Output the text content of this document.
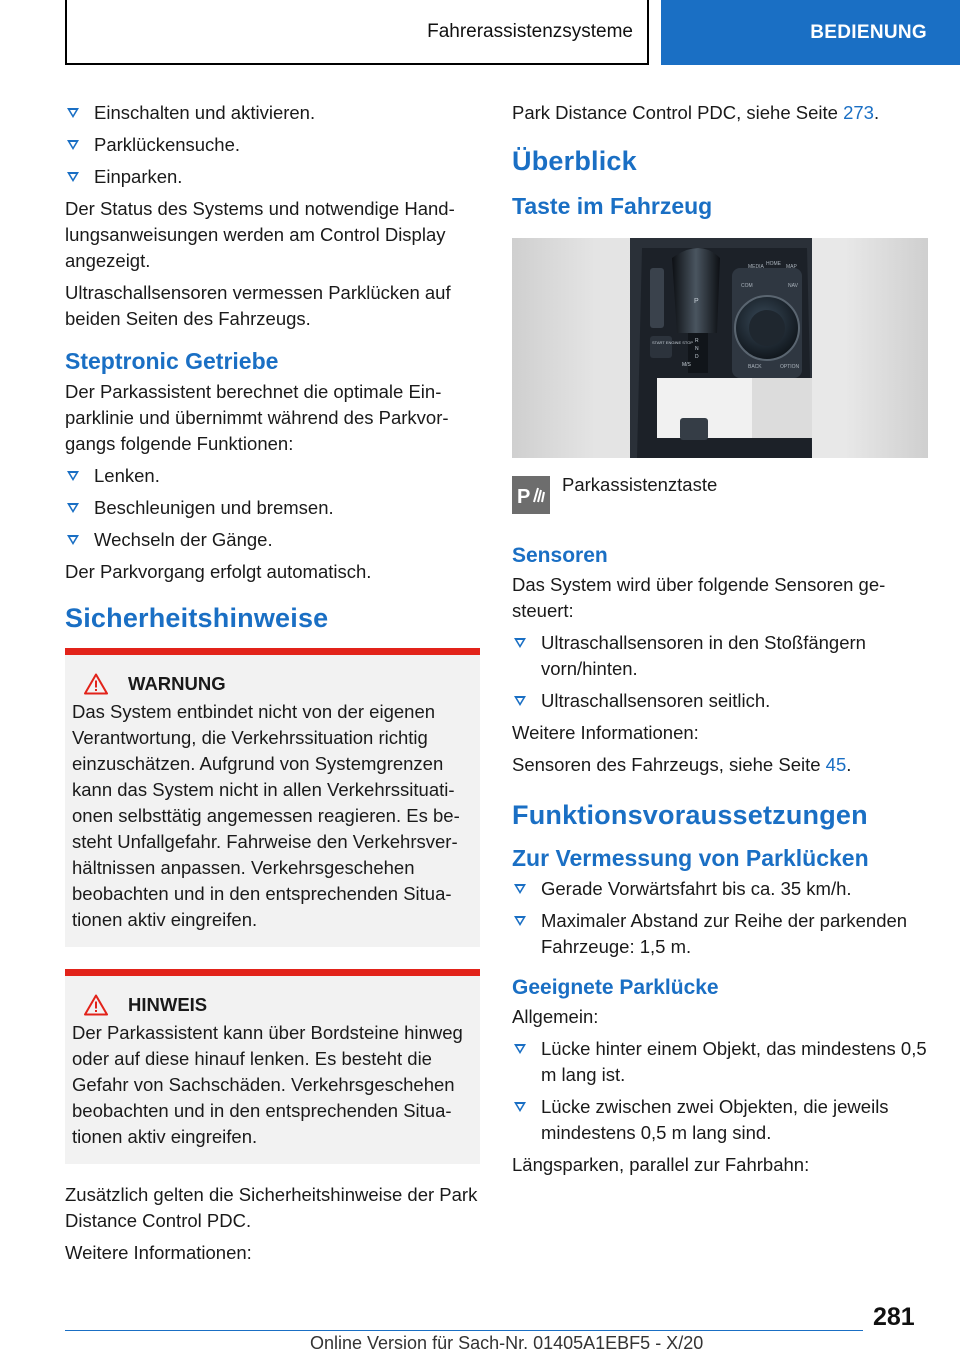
Fahrerassistenzsysteme	BEDIENUNG
Einschalten und aktivieren.
Parklückensuche.
Einparken.

Der Status des Systems und notwendige Handlungsanweisungen werden am Control Display angezeigt.

Ultraschallsensoren vermessen Parklücken auf beiden Seiten des Fahrzeugs.

Steptronic Getriebe

Der Parkassistent berechnet die optimale Einparklinie und übernimmt während des Parkvorgangs folgende Funktionen:

Lenken.
Beschleunigen und bremsen.
Wechseln der Gänge.

Der Parkvorgang erfolgt automatisch.

Sicherheitshinweise
WARNUNG

Das System entbindet nicht von der eigenen Verantwortung, die Verkehrssituation richtig einzuschätzen. Aufgrund von Systemgrenzen kann das System nicht in allen Verkehrssituationen selbsttätig angemessen reagieren. Es besteht Unfallgefahr. Fahrweise den Verkehrsverhältnissen anpassen. Verkehrsgeschehen beobachten und in den entsprechenden Situationen aktiv eingreifen.

HINWEIS

Der Parkassistent kann über Bordsteine hinweg oder auf diese hinauf lenken. Es besteht die Gefahr von Sachschäden. Verkehrsgeschehen beobachten und in den entsprechenden Situationen aktiv eingreifen.

Zusätzlich gelten die Sicherheitshinweise der Park Distance Control PDC.

Weitere Informationen:

Park Distance Control PDC, siehe Seite 273.

Überblick
Taste im Fahrzeug
MEDIA HOME MAP
COM	NAV
BACK	OPTION
START ENGINE STOP
P
R
N
D
M/S
P
Parkassistenztaste
Sensoren

Das System wird über folgende Sensoren gesteuert:

Ultraschallsensoren in den Stoßfängern vorn/hinten.
Ultraschallsensoren seitlich.

Weitere Informationen:

Sensoren des Fahrzeugs, siehe Seite 45.

Funktionsvoraussetzungen
Zur Vermessung von Parklücken
Gerade Vorwärtsfahrt bis ca. 35 km/h.
Maximaler Abstand zur Reihe der parkenden Fahrzeuge: 1,5 m.
Geeignete Parklücke

Allgemein:

Lücke hinter einem Objekt, das mindestens 0,5 m lang ist.
Lücke zwischen zwei Objekten, die jeweils mindestens 0,5 m lang sind.

Längsparken, parallel zur Fahrbahn:

281
Online Version für Sach-Nr. 01405A1EBF5 - X/20
